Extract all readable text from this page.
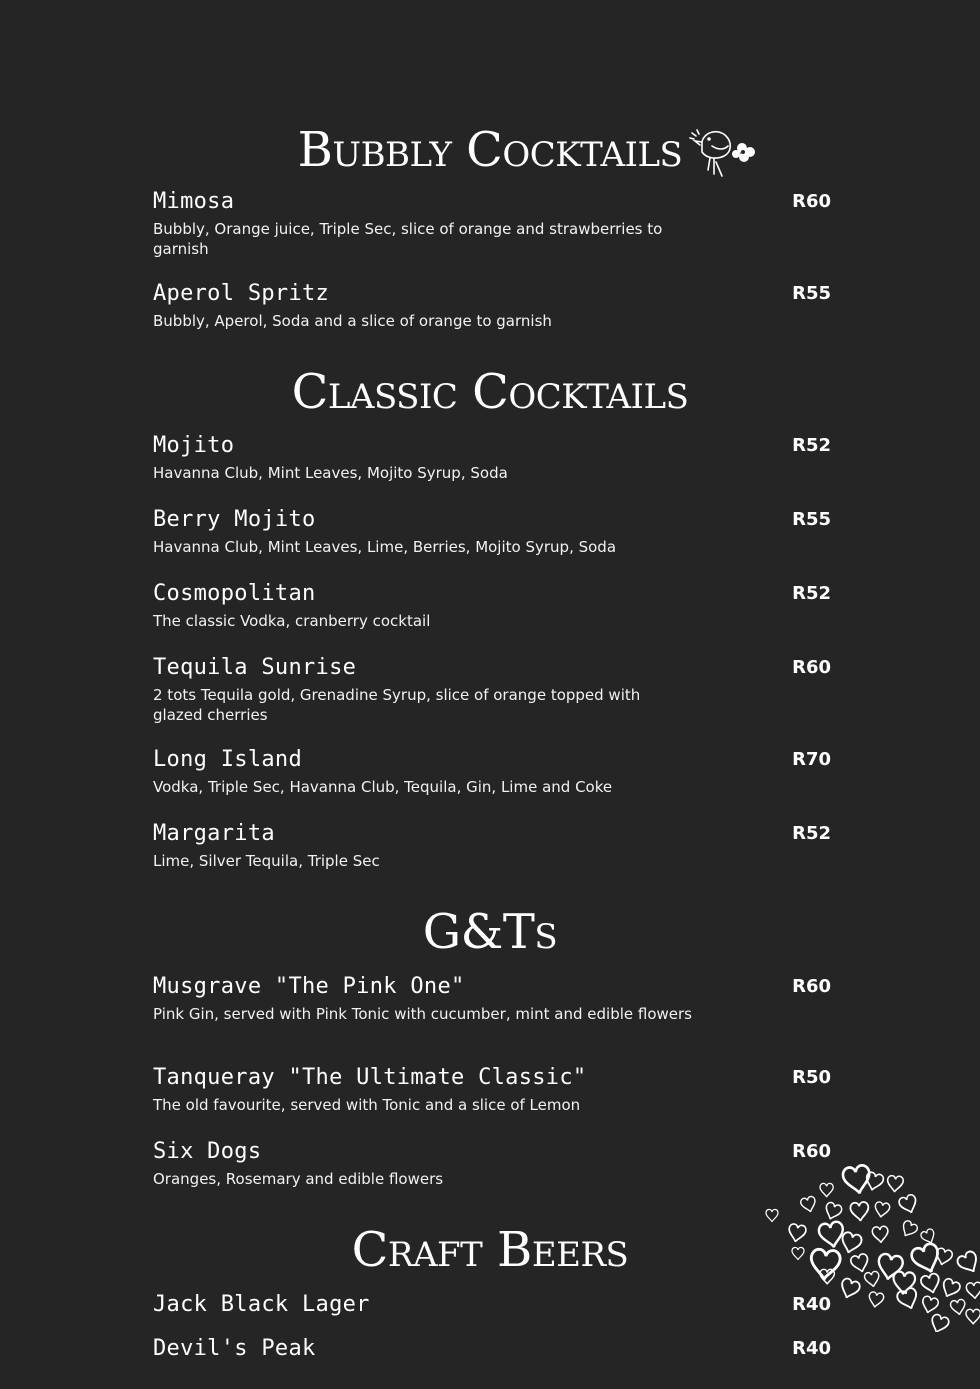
Bubbly Cocktails
Mimosa	R60
Bubbly, Orange juice, Triple Sec, slice of orange and strawberries to garnish
Aperol Spritz	R55
Bubbly, Aperol, Soda and a slice of orange to garnish
Classic Cocktails
Mojito	R52
Havanna Club, Mint Leaves, Mojito Syrup, Soda
Berry Mojito	R55
Havanna Club, Mint Leaves, Lime, Berries, Mojito Syrup, Soda
Cosmopolitan	R52
The classic Vodka, cranberry cocktail
Tequila Sunrise	R60
2 tots Tequila gold, Grenadine Syrup, slice of orange topped with glazed cherries
Long Island	R70
Vodka, Triple Sec, Havanna Club, Tequila, Gin, Lime and Coke
Margarita	R52
Lime, Silver Tequila, Triple Sec
G&Ts
Musgrave "The Pink One"	R60
Pink Gin, served with Pink Tonic with cucumber, mint and edible flowers
Tanqueray "The Ultimate Classic"	R50
The old favourite, served with Tonic and a slice of Lemon
Six Dogs	R60
Oranges, Rosemary and edible flowers
Craft Beers
Jack Black Lager	R40
Devil's Peak	R40
